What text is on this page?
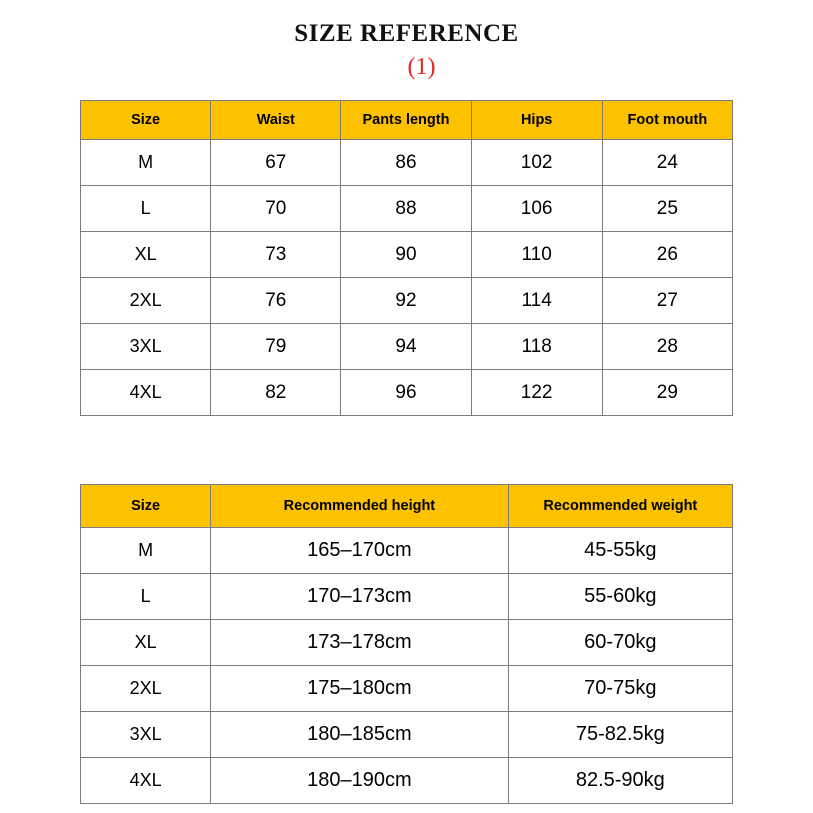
SIZE REFERENCE
(1)
Size	Waist	Pants length	Hips	Foot mouth
M	67	86	102	24
L	70	88	106	25
XL	73	90	110	26
2XL	76	92	114	27
3XL	79	94	118	28
4XL	82	96	122	29
Size	Recommended height	Recommended weight
M	165–170cm	45-55kg
L	170–173cm	55-60kg
XL	173–178cm	60-70kg
2XL	175–180cm	70-75kg
3XL	180–185cm	75-82.5kg
4XL	180–190cm	82.5-90kg
